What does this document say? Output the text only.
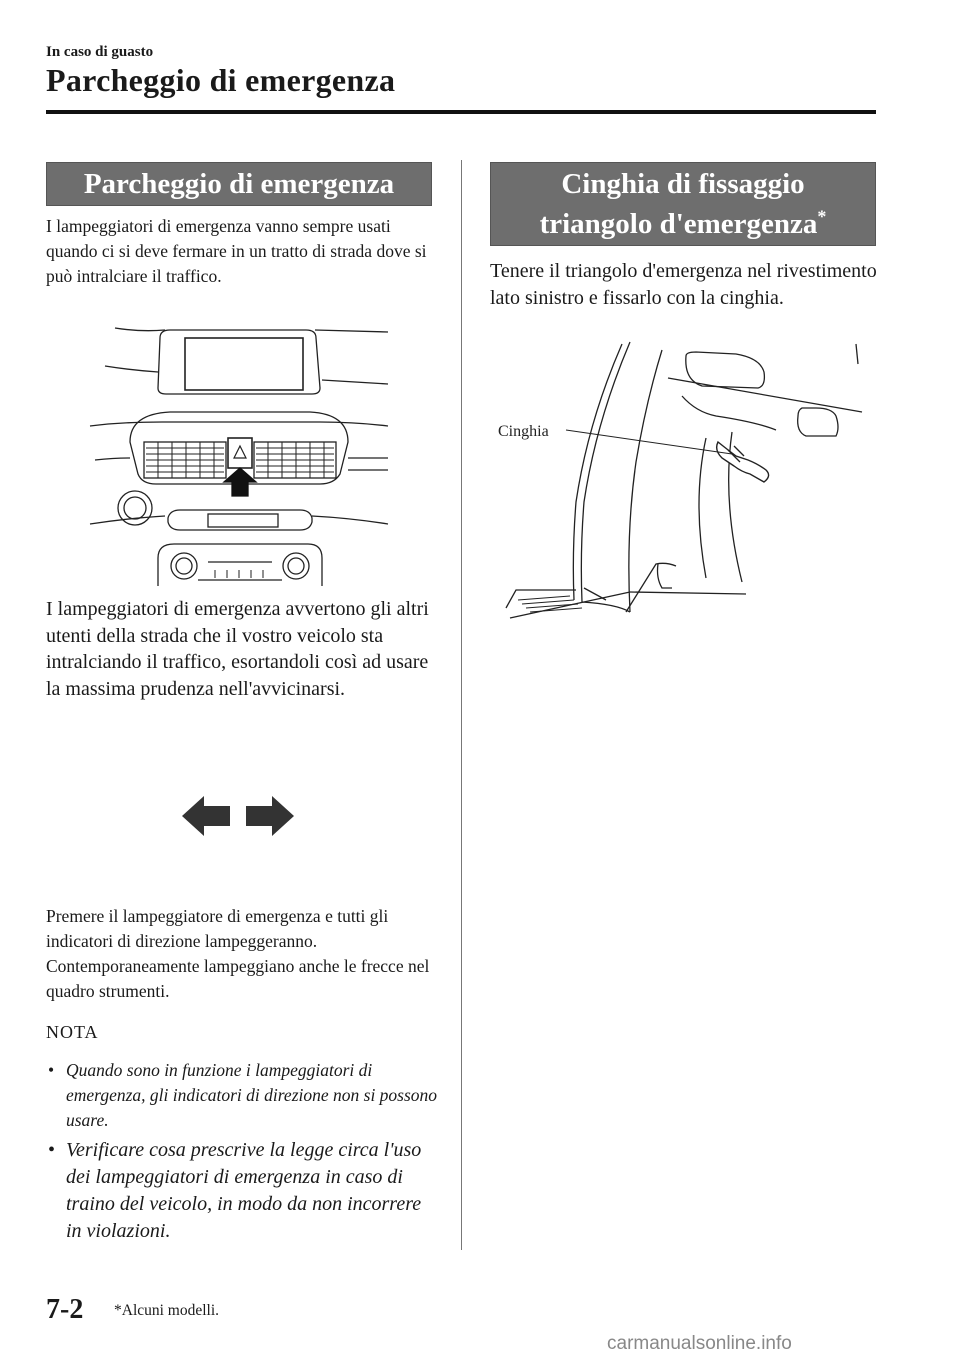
In caso di guasto
Parcheggio di emergenza
Parcheggio di emergenza
I lampeggiatori di emergenza vanno sempre usati quando ci si deve fermare in un tratto di strada dove si può intralciare il traffico.
I lampeggiatori di emergenza avvertono gli altri utenti della strada che il vostro veicolo sta intralciando il traffico, esortandoli così ad usare la massima prudenza nell'avvicinarsi.
Premere il lampeggiatore di emergenza e tutti gli indicatori di direzione lampeggeranno. Contemporaneamente lampeggiano anche le frecce nel quadro strumenti.
NOTA
• Quando sono in funzione i lampeggiatori di emergenza, gli indicatori di direzione non si possono usare.
• Verificare cosa prescrive la legge circa l'uso dei lampeggiatori di emergenza in caso di traino del veicolo, in modo da non incorrere in violazioni.
Cinghia di fissaggio
triangolo d'emergenza*
Tenere il triangolo d'emergenza nel rivestimento lato sinistro e fissarlo con la cinghia.
Cinghia
7-2 *Alcuni modelli.
carmanualsonline.info
